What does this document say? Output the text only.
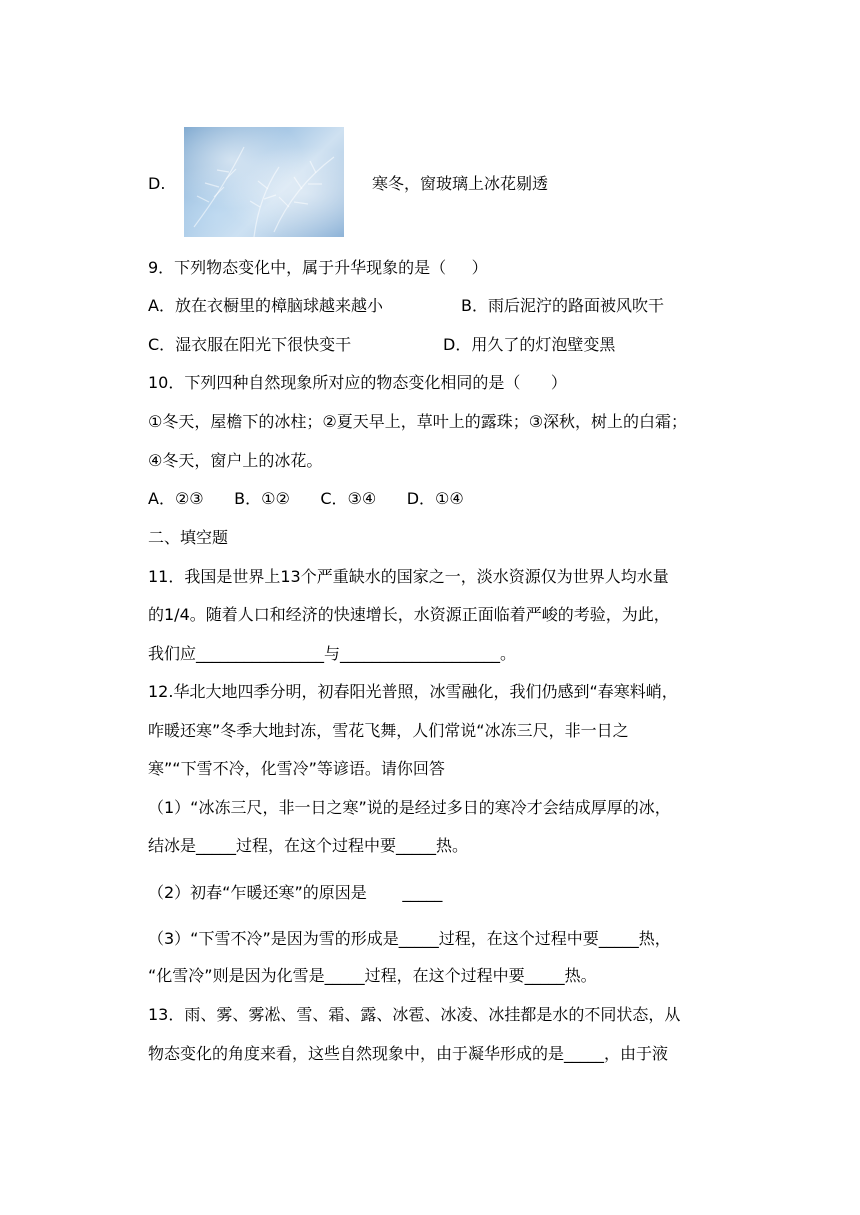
D.	寒冬，窗玻璃上冰花剔透
9．下列物态变化中，属于升华现象的是（     ）
A．放在衣橱里的樟脑球越来越小	B．雨后泥泞的路面被风吹干
C．湿衣服在阳光下很快变干	D．用久了的灯泡壁变黑
10．下列四种自然现象所对应的物态变化相同的是（      ）
①冬天，屋檐下的冰柱；②夏天早上，草叶上的露珠；③深秋，树上的白霜；
④冬天，窗户上的冰花。
A．②③      B．①②      C．③④      D．①④
二、填空题
11．我国是世界上13个严重缺水的国家之一，淡水资源仅为世界人均水量
的1/4。随着人口和经济的快速增长，水资源正面临着严峻的考验，为此，
我们应________________与____________________。
12.华北大地四季分明，初春阳光普照，冰雪融化，我们仍感到“春寒料峭，
咋暖还寒”冬季大地封冻，雪花飞舞，人们常说“冰冻三尺，非一日之
寒”“下雪不冷，化雪冷”等谚语。请你回答
（1）“冰冻三尺，非一日之寒”说的是经过多日的寒冷才会结成厚厚的冰，
结冰是_____过程，在这个过程中要_____热。
（2）初春“乍暖还寒”的原因是       _____
（3）“下雪不冷”是因为雪的形成是_____过程，在这个过程中要_____热，
“化雪冷”则是因为化雪是_____过程，在这个过程中要_____热。
13．雨、雾、雾凇、雪、霜、露、冰雹、冰凌、冰挂都是水的不同状态，从
物态变化的角度来看，这些自然现象中，由于凝华形成的是_____，由于液
